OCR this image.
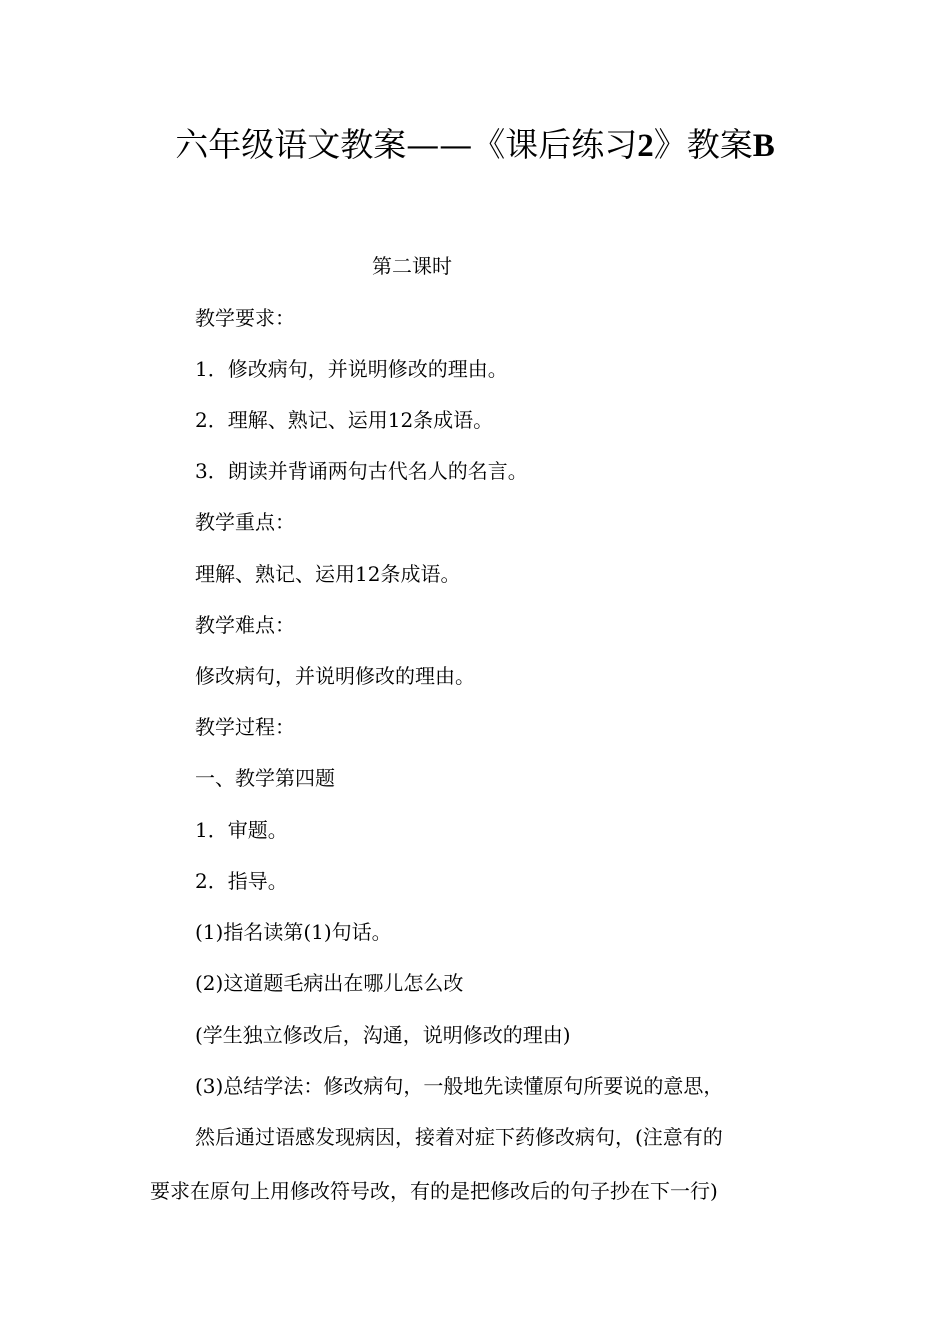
六年级语文教案——《课后练习2》教案B
第二课时
教学要求：
1．修改病句，并说明修改的理由。
2．理解、熟记、运用12条成语。
3．朗读并背诵两句古代名人的名言。
教学重点：
理解、熟记、运用12条成语。
教学难点：
修改病句，并说明修改的理由。
教学过程：
一、教学第四题
1．审题。
2．指导。
(1)指名读第(1)句话。
(2)这道题毛病出在哪儿怎么改
(学生独立修改后，沟通，说明修改的理由)
(3)总结学法：修改病句，一般地先读懂原句所要说的意思，
然后通过语感发现病因，接着对症下药修改病句，(注意有的
要求在原句上用修改符号改，有的是把修改后的句子抄在下一行)
